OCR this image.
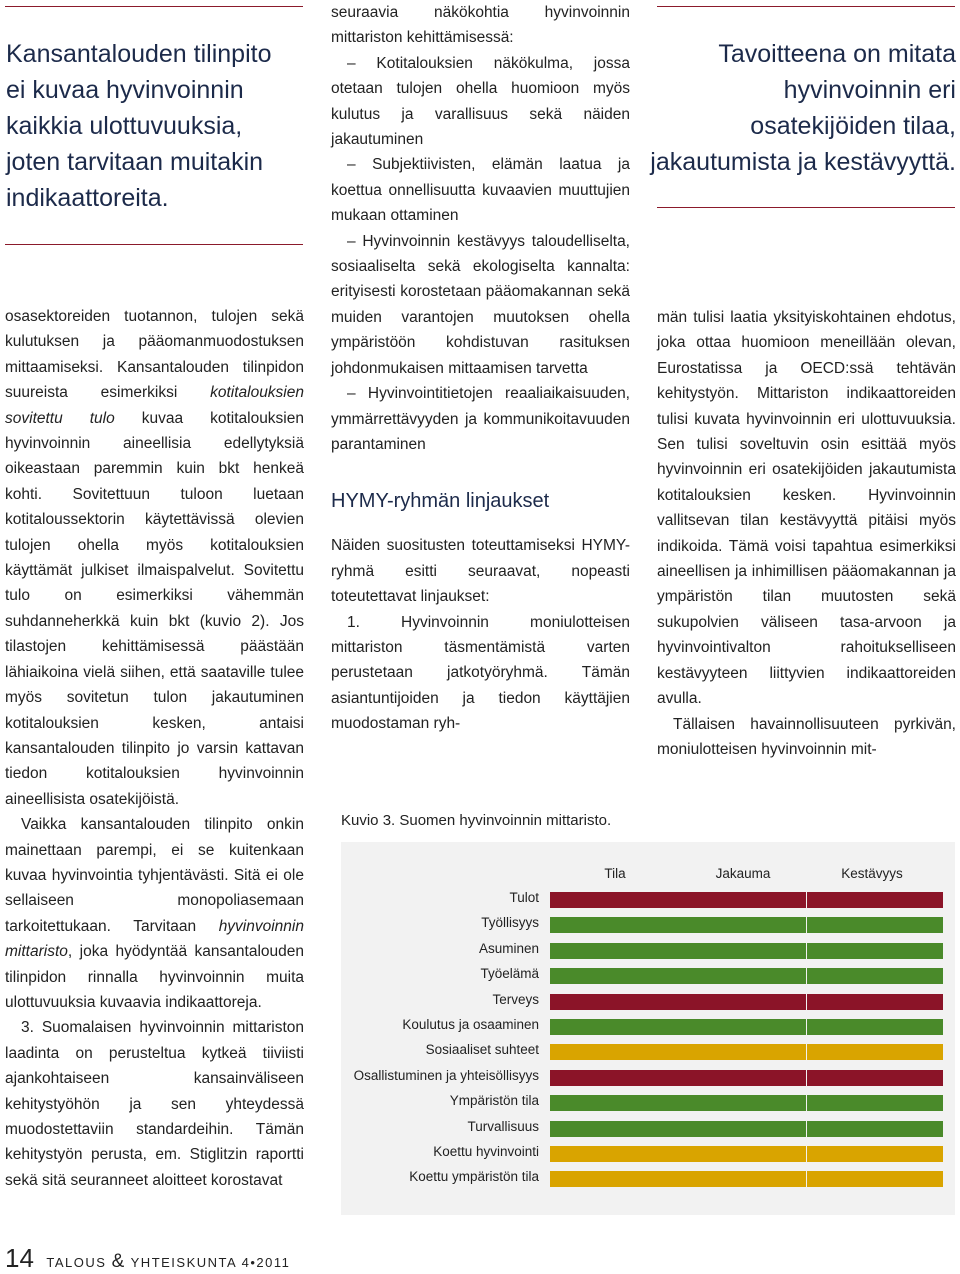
Kansantalouden tilinpito
ei kuvaa hyvinvoinnin
kaikkia ulottuvuuksia,
joten tarvitaan muitakin
indikaattoreita.
Tavoitteena on mitata
hyvinvoinnin eri
osatekijöiden tilaa,
jakautumista ja kestävyyttä.

osasektoreiden tuotannon, tulojen sekä kulutuksen ja pääomanmuodostuksen mittaamiseksi. Kansantalouden tilinpidon suureista esimerkiksi kotitalouksien sovitettu tulo kuvaa kotitalouksien hyvinvoinnin aineellisia edellytyksiä oikeastaan paremmin kuin bkt henkeä kohti. Sovitettuun tuloon luetaan kotitaloussektorin käytettävissä olevien tulojen ohella myös kotitalouksien käyttämät julkiset ilmaispalvelut. Sovitettu tulo on esimerkiksi vähemmän suhdanneherkkä kuin bkt (kuvio 2). Jos tilastojen kehittämisessä päästään lähiaikoina vielä siihen, että saataville tulee myös sovitetun tulon jakautuminen kotitalouksien kesken, antaisi kansantalouden tilinpito jo varsin kattavan tiedon kotitalouksien hyvinvoinnin aineellisista osatekijöistä.

Vaikka kansantalouden tilinpito onkin mainettaan parempi, ei se kuitenkaan kuvaa hyvinvointia tyhjentävästi. Sitä ei ole sellaiseen monopoliasemaan tarkoitettukaan. Tarvitaan hyvinvoinnin mittaristo, joka hyödyntää kansantalouden tilinpidon rinnalla hyvinvoinnin muita ulottuvuuksia kuvaavia indikaattoreja.

3. Suomalaisen hyvinvoinnin mittariston laadinta on perusteltua kytkeä tiiviisti ajankohtaiseen kansainväliseen kehitystyöhön ja sen yhteydessä muodostettaviin standardeihin. Tämän kehitystyön perusta, em. Stiglitzin raportti sekä sitä seuranneet aloitteet korostavat

seuraavia näkökohtia hyvinvoinnin mittariston kehittämisessä:

– Kotitalouksien näkökulma, jossa otetaan tulojen ohella huomioon myös kulutus ja varallisuus sekä näiden jakautuminen

– Subjektiivisten, elämän laatua ja koettua onnellisuutta kuvaavien muuttujien mukaan ottaminen

– Hyvinvoinnin kestävyys taloudelliselta, sosiaaliselta sekä ekologiselta kannalta: erityisesti korostetaan pääomakannan sekä muiden varantojen muutoksen ohella ympäristöön kohdistuvan rasituksen johdonmukaisen mittaamisen tarvetta

– Hyvinvointitietojen reaaliaikaisuuden, ymmärrettävyyden ja kommunikoitavuuden parantaminen

HYMY-ryhmän linjaukset

Näiden suositusten toteuttamiseksi HYMY-ryhmä esitti seuraavat, nopeasti toteutettavat linjaukset:

1. Hyvinvoinnin moniulotteisen mittariston täsmentämistä varten perustetaan jatkotyöryhmä. Tämän asiantuntijoiden ja tiedon käyttäjien muodostaman ryh-

män tulisi laatia yksityiskohtainen ehdotus, joka ottaa huomioon meneillään olevan, Eurostatissa ja OECD:ssä tehtävän kehitystyön. Mittariston indikaattoreiden tulisi kuvata hyvinvoinnin eri ulottuvuuksia. Sen tulisi soveltuvin osin esittää myös hyvinvoinnin eri osatekijöiden jakautumista kotitalouksien kesken. Hyvinvoinnin vallitsevan tilan kestävyyttä pitäisi myös indikoida. Tämä voisi tapahtua esimerkiksi aineellisen ja inhimillisen pääomakannan ja ympäristön tilan muutosten sekä sukupolvien väliseen tasa-arvoon ja hyvinvointivalton rahoitukselliseen kestävyyteen liittyvien indikaattoreiden avulla.

Tällaisen havainnollisuuteen pyrkivän, moniulotteisen hyvinvoinnin mit-

Kuvio 3. Suomen hyvinvoinnin mittaristo.
Tila	Jakauma	Kestävyys
Tulot
Työllisyys
Asuminen
Työelämä
Terveys
Koulutus ja osaaminen
Sosiaaliset suhteet
Osallistuminen ja yhteisöllisyys
Ympäristön tila
Turvallisuus
Koettu hyvinvointi
Koettu ympäristön tila
14 TALOUS & YHTEISKUNTA 4•2011
